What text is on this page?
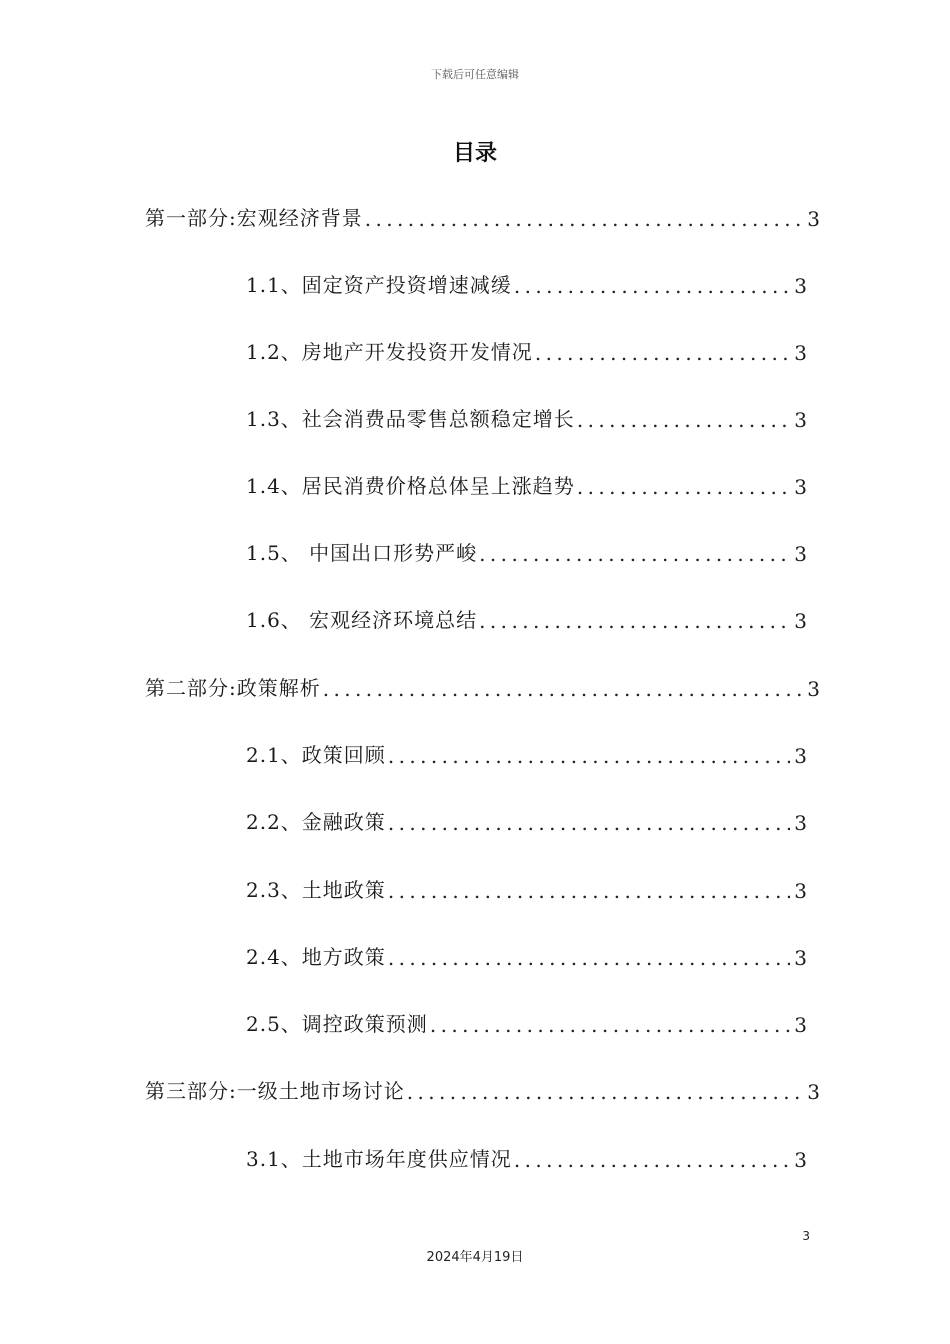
下载后可任意编辑
目录
第一部分:宏观经济背景 .....	3
1.1、固定资产投资增速减缓 .....	3
1.2、房地产开发投资开发情况 .....	3
1.3、社会消费品零售总额稳定增长 .....	3
1.4、居民消费价格总体呈上涨趋势 .....	3
1.5、 中国出口形势严峻 .....	3
1.6、 宏观经济环境总结 .....	3
第二部分:政策解析 .....	3
2.1、政策回顾 .....	3
2.2、金融政策 .....	3
2.3、土地政策 .....	3
2.4、地方政策 .....	3
2.5、调控政策预测 .....	3
第三部分:一级土地市场讨论 .....	3
3.1、土地市场年度供应情况 .....	3
3
2024年4月19日
